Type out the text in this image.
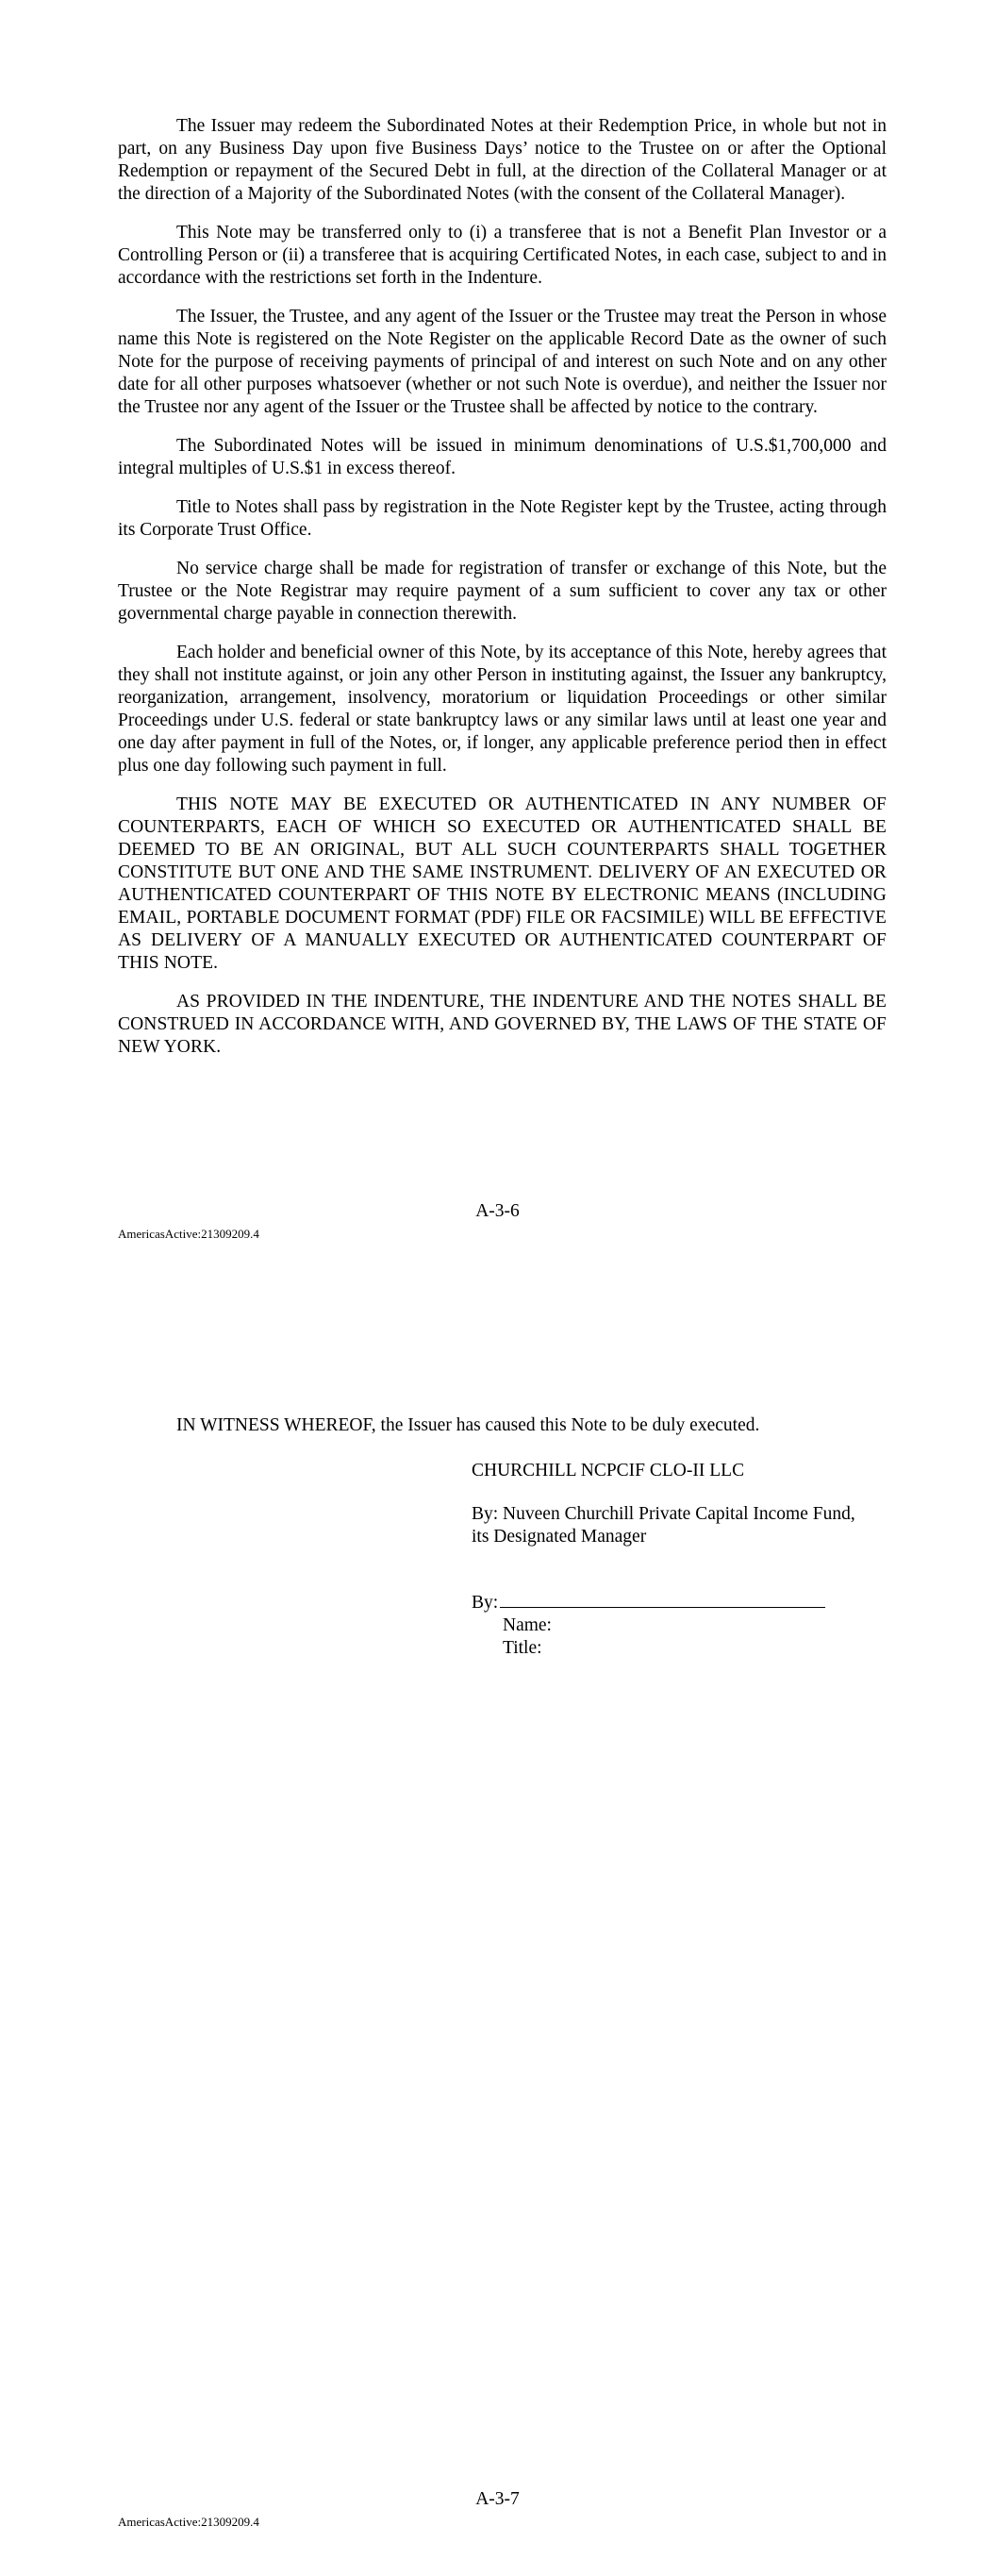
The Issuer may redeem the Subordinated Notes at their Redemption Price, in whole but not in part, on any Business Day upon five Business Days’ notice to the Trustee on or after the Optional Redemption or repayment of the Secured Debt in full, at the direction of the Collateral Manager or at the direction of a Majority of the Subordinated Notes (with the consent of the Collateral Manager).

This Note may be transferred only to (i) a transferee that is not a Benefit Plan Investor or a Controlling Person or (ii) a transferee that is acquiring Certificated Notes, in each case, subject to and in accordance with the restrictions set forth in the Indenture.

The Issuer, the Trustee, and any agent of the Issuer or the Trustee may treat the Person in whose name this Note is registered on the Note Register on the applicable Record Date as the owner of such Note for the purpose of receiving payments of principal of and interest on such Note and on any other date for all other purposes whatsoever (whether or not such Note is overdue), and neither the Issuer nor the Trustee nor any agent of the Issuer or the Trustee shall be affected by notice to the contrary.

The Subordinated Notes will be issued in minimum denominations of U.S.$1,700,000 and integral multiples of U.S.$1 in excess thereof.

Title to Notes shall pass by registration in the Note Register kept by the Trustee, acting through its Corporate Trust Office.

No service charge shall be made for registration of transfer or exchange of this Note, but the Trustee or the Note Registrar may require payment of a sum sufficient to cover any tax or other governmental charge payable in connection therewith.

Each holder and beneficial owner of this Note, by its acceptance of this Note, hereby agrees that they shall not institute against, or join any other Person in instituting against, the Issuer any bankruptcy, reorganization, arrangement, insolvency, moratorium or liquidation Proceedings or other similar Proceedings under U.S. federal or state bankruptcy laws or any similar laws until at least one year and one day after payment in full of the Notes, or, if longer, any applicable preference period then in effect plus one day following such payment in full.

THIS NOTE MAY BE EXECUTED OR AUTHENTICATED IN ANY NUMBER OF COUNTERPARTS, EACH OF WHICH SO EXECUTED OR AUTHENTICATED SHALL BE DEEMED TO BE AN ORIGINAL, BUT ALL SUCH COUNTERPARTS SHALL TOGETHER CONSTITUTE BUT ONE AND THE SAME INSTRUMENT. DELIVERY OF AN EXECUTED OR AUTHENTICATED COUNTERPART OF THIS NOTE BY ELECTRONIC MEANS (INCLUDING EMAIL, PORTABLE DOCUMENT FORMAT (PDF) FILE OR FACSIMILE) WILL BE EFFECTIVE AS DELIVERY OF A MANUALLY EXECUTED OR AUTHENTICATED COUNTERPART OF THIS NOTE.

AS PROVIDED IN THE INDENTURE, THE INDENTURE AND THE NOTES SHALL BE CONSTRUED IN ACCORDANCE WITH, AND GOVERNED BY, THE LAWS OF THE STATE OF NEW YORK.

A-3-6
AmericasActive:21309209.4
IN WITNESS WHEREOF, the Issuer has caused this Note to be duly executed.
CHURCHILL NCPCIF CLO-II LLC

By: Nuveen Churchill Private Capital Income Fund,

its Designated Manager

By:

Name:

Title:

A-3-7
AmericasActive:21309209.4
